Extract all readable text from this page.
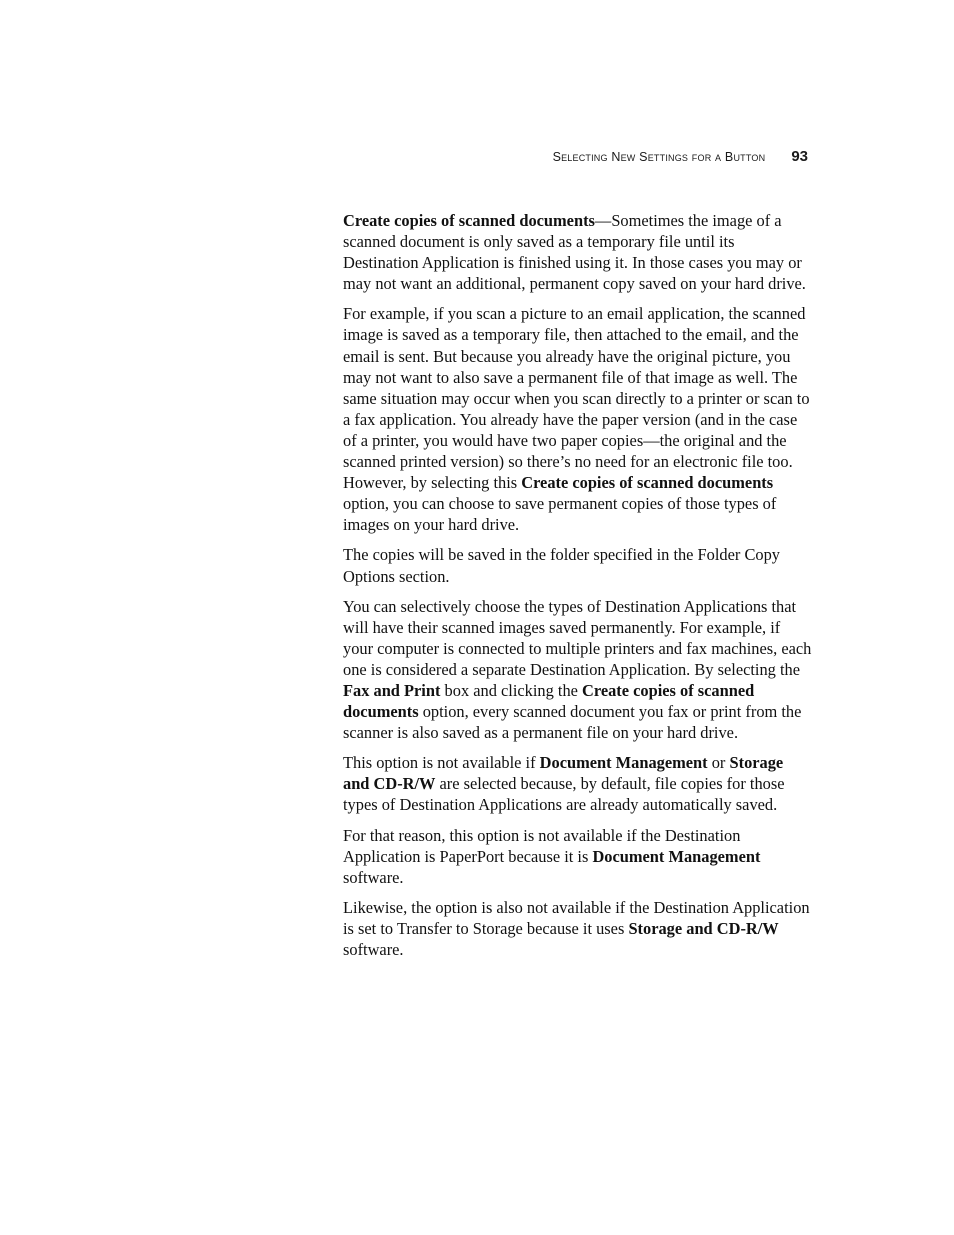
Selecting New Settings for a Button 93

Create copies of scanned documents—Sometimes the image of a scanned document is only saved as a temporary file until its Destination Application is finished using it. In those cases you may or may not want an additional, permanent copy saved on your hard drive.

For example, if you scan a picture to an email application, the scanned image is saved as a temporary file, then attached to the email, and the email is sent. But because you already have the original picture, you may not want to also save a permanent file of that image as well. The same situation may occur when you scan directly to a printer or scan to a fax application. You already have the paper version (and in the case of a printer, you would have two paper copies—the original and the scanned printed version) so there’s no need for an electronic file too. However, by selecting this Create copies of scanned documents option, you can choose to save permanent copies of those types of images on your hard drive.

The copies will be saved in the folder specified in the Folder Copy Options section.

You can selectively choose the types of Destination Applications that will have their scanned images saved permanently. For example, if your computer is connected to multiple printers and fax machines, each one is considered a separate Destination Application. By selecting the Fax and Print box and clicking the Create copies of scanned documents option, every scanned document you fax or print from the scanner is also saved as a permanent file on your hard drive.

This option is not available if Document Management or Storage and CD-R/W are selected because, by default, file copies for those types of Destination Applications are already automatically saved.

For that reason, this option is not available if the Destination Application is PaperPort because it is Document Management software.

Likewise, the option is also not available if the Destination Application is set to Transfer to Storage because it uses Storage and CD-R/W software.
